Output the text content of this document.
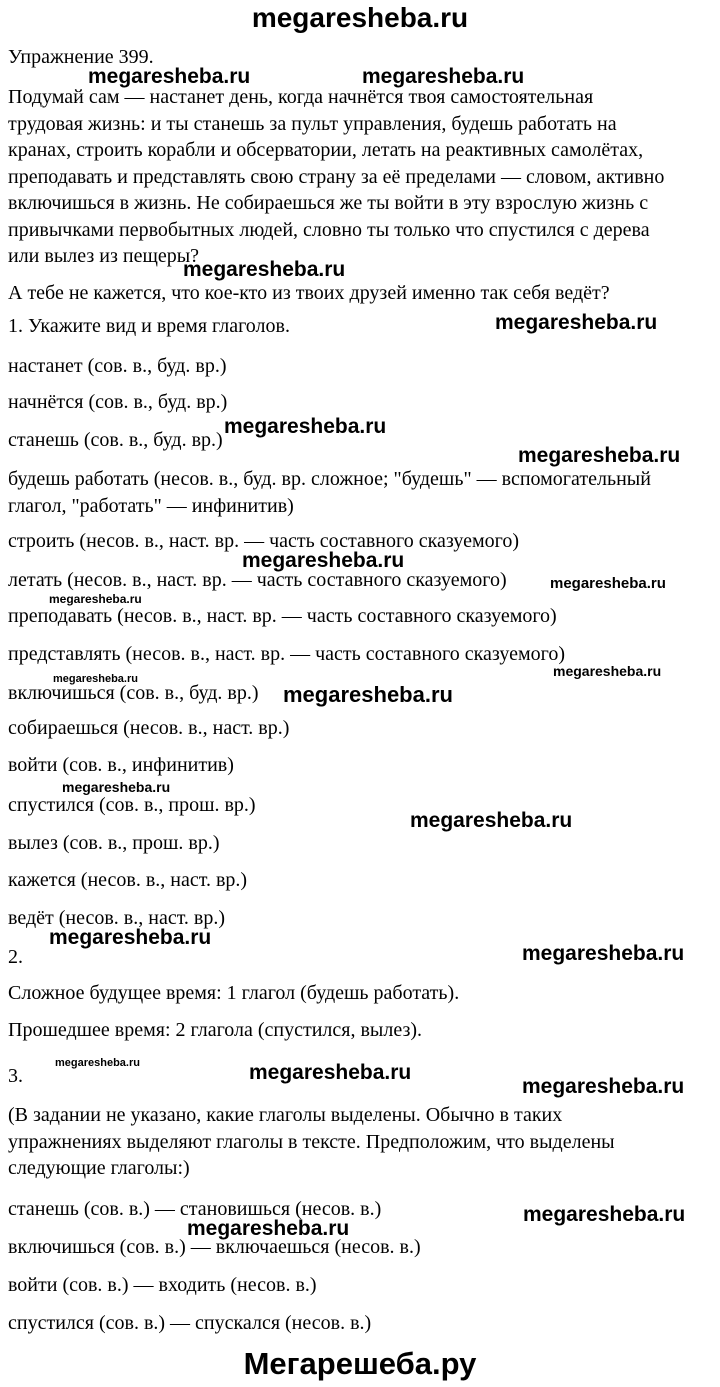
megaresheba.ru
Упражнение 399.
megaresheba.ru	megaresheba.ru
Подумай сам — настанет день, когда начнётся твоя самостоятельная
трудовая жизнь: и ты станешь за пульт управления, будешь работать на
кранах, строить корабли и обсерватории, летать на реактивных самолётах,
преподавать и представлять свою страну за её пределами — словом, активно
включишься в жизнь. Не собираешься же ты войти в эту взрослую жизнь с
привычками первобытных людей, словно ты только что спустился с дерева
или вылез из пещеры?
megaresheba.ru
А тебе не кажется, что кое-кто из твоих друзей именно так себя ведёт?
1. Укажите вид и время глаголов.	megaresheba.ru
настанет (сов. в., буд. вр.)
начнётся (сов. в., буд. вр.)
станешь (сов. в., буд. вр.)
megaresheba.ru
megaresheba.ru
будешь работать (несов. в., буд. вр. сложное; "будешь" — вспомогательный
глагол, "работать" — инфинитив)
строить (несов. в., наст. вр. — часть составного сказуемого)
megaresheba.ru
летать (несов. в., наст. вр. — часть составного сказуемого)	megaresheba.ru
megaresheba.ru
преподавать (несов. в., наст. вр. — часть составного сказуемого)
представлять (несов. в., наст. вр. — часть составного сказуемого)
megaresheba.ru
megaresheba.ru
включишься (сов. в., буд. вр.) megaresheba.ru
собираешься (несов. в., наст. вр.)
войти (сов. в., инфинитив)
megaresheba.ru
спустился (сов. в., прош. вр.)
megaresheba.ru
вылез (сов. в., прош. вр.)
кажется (несов. в., наст. вр.)
ведёт (несов. в., наст. вр.)
megaresheba.ru
2.	megaresheba.ru
Сложное будущее время: 1 глагол (будешь работать).
Прошедшее время: 2 глагола (спустился, вылез).
3.
megaresheba.ru	megaresheba.ru
megaresheba.ru
(В задании не указано, какие глаголы выделены. Обычно в таких
упражнениях выделяют глаголы в тексте. Предположим, что выделены
следующие глаголы:)
станешь (сов. в.) — становишься (несов. в.)	megaresheba.ru
megaresheba.ru
включишься (сов. в.) — включаешься (несов. в.)
войти (сов. в.) — входить (несов. в.)
спустился (сов. в.) — спускался (несов. в.)
Мегарешеба.ру
